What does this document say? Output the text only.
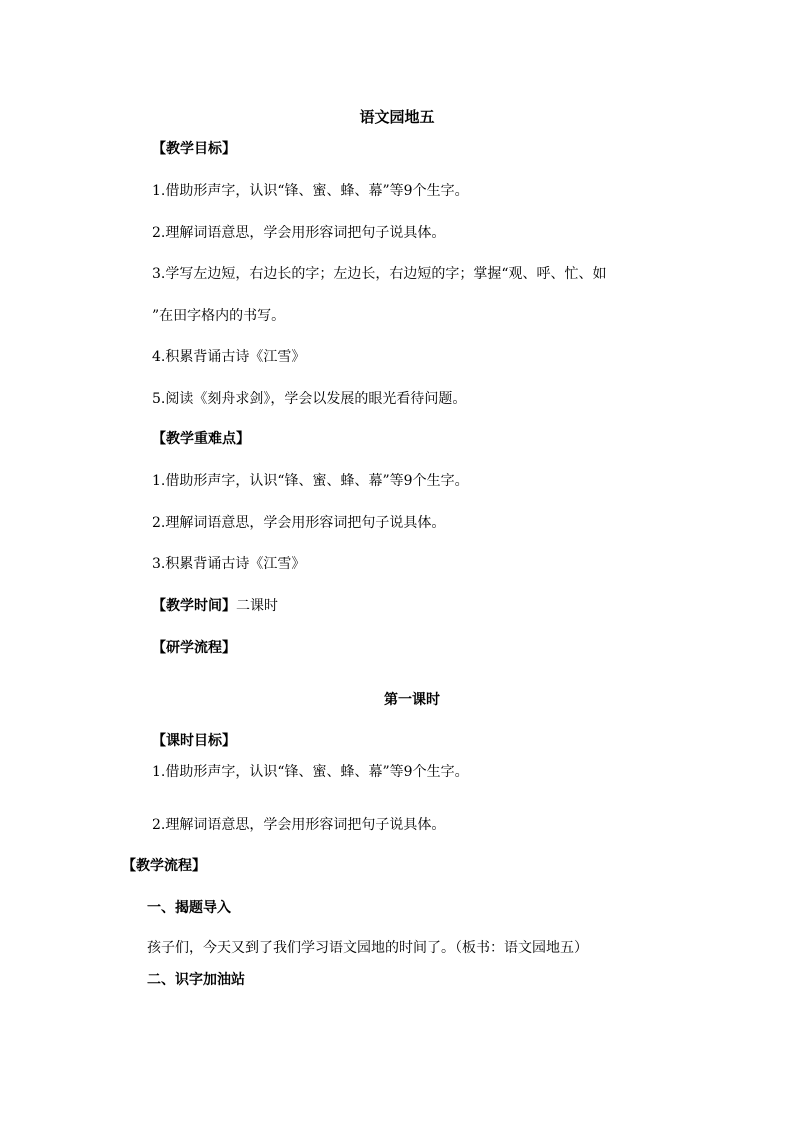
语文园地五
【教学目标】
1.借助形声字，认识“锋、蜜、蜂、幕”等9个生字。
2.理解词语意思，学会用形容词把句子说具体。
3.学写左边短，右边长的字；左边长，右边短的字；掌握“观、呼、忙、如
”在田字格内的书写。
4.积累背诵古诗《江雪》
5.阅读《刻舟求剑》，学会以发展的眼光看待问题。
【教学重难点】
1.借助形声字，认识“锋、蜜、蜂、幕”等9个生字。
2.理解词语意思，学会用形容词把句子说具体。
3.积累背诵古诗《江雪》
【教学时间】二课时
【研学流程】
第一课时
【课时目标】
1.借助形声字，认识“锋、蜜、蜂、幕”等9个生字。
2.理解词语意思，学会用形容词把句子说具体。
【教学流程】
一、揭题导入
孩子们，今天又到了我们学习语文园地的时间了。（板书：语文园地五）
二、识字加油站
